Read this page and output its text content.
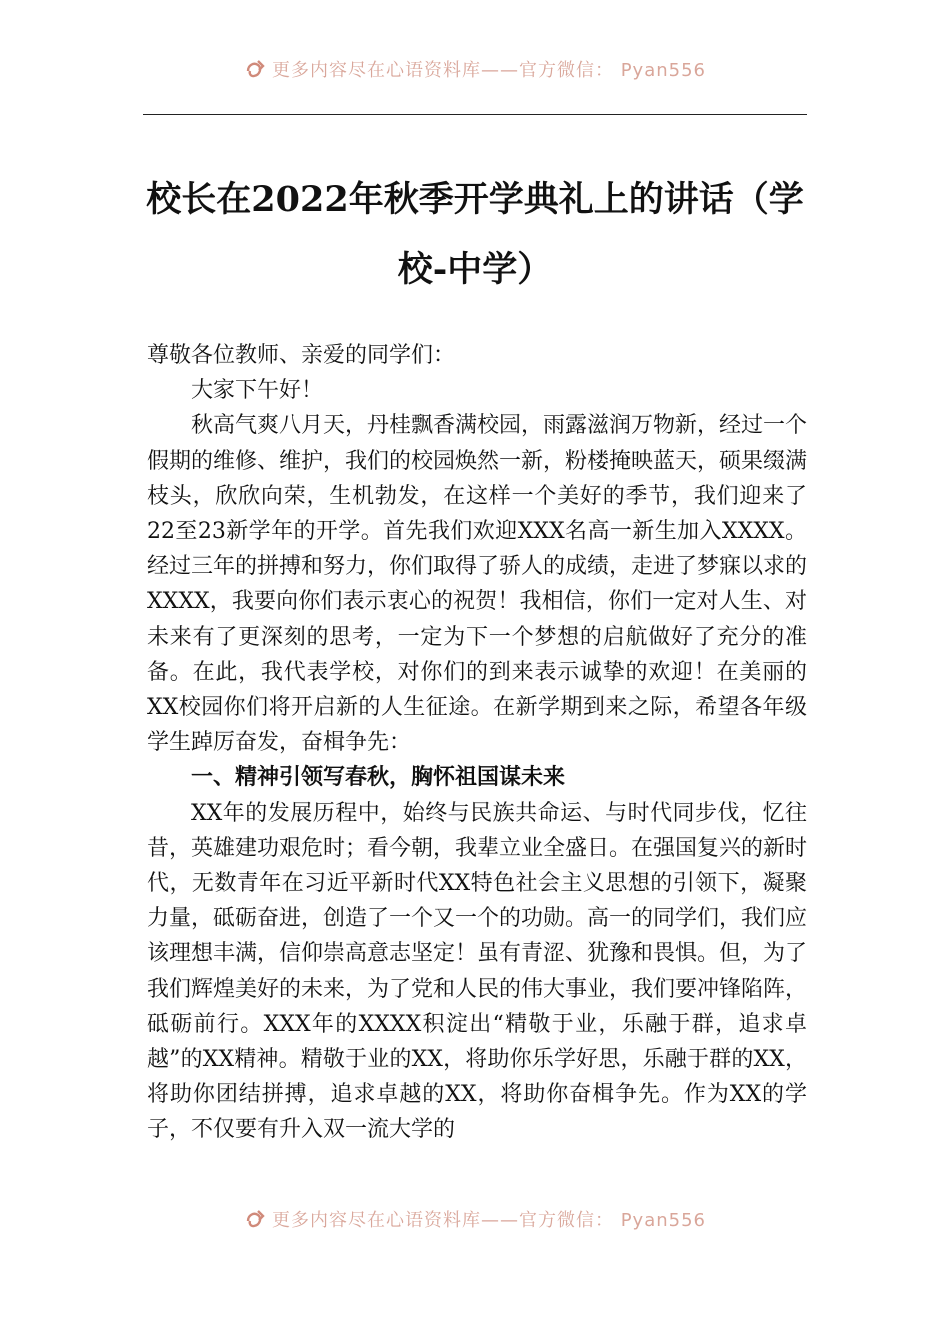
更多内容尽在心语资料库——官方微信： Pyan556
校长在2022年秋季开学典礼上的讲话（学校-中学）

尊敬各位教师、亲爱的同学们：

大家下午好！

秋高气爽八月天，丹桂飘香满校园，雨露滋润万物新，经过一个假期的维修、维护，我们的校园焕然一新，粉楼掩映蓝天，硕果缀满枝头，欣欣向荣，生机勃发，在这样一个美好的季节，我们迎来了22至23新学年的开学。首先我们欢迎XXX名高一新生加入XXXX。经过三年的拼搏和努力，你们取得了骄人的成绩，走进了梦寐以求的XXXX，我要向你们表示衷心的祝贺！我相信，你们一定对人生、对未来有了更深刻的思考，一定为下一个梦想的启航做好了充分的准备。在此，我代表学校，对你们的到来表示诚挚的欢迎！在美丽的XX校园你们将开启新的人生征途。在新学期到来之际，希望各年级学生踔厉奋发，奋楫争先：

一、精神引领写春秋，胸怀祖国谋未来

XX年的发展历程中，始终与民族共命运、与时代同步伐，忆往昔，英雄建功艰危时；看今朝，我辈立业全盛日。在强国复兴的新时代，无数青年在习近平新时代XX特色社会主义思想的引领下，凝聚力量，砥砺奋进，创造了一个又一个的功勋。高一的同学们，我们应该理想丰满，信仰崇高意志坚定！虽有青涩、犹豫和畏惧。但，为了我们辉煌美好的未来，为了党和人民的伟大事业，我们要冲锋陷阵，砥砺前行。XXX年的XXXX积淀出“精敬于业，乐融于群，追求卓越”的XX精神。精敬于业的XX，将助你乐学好思，乐融于群的XX，将助你团结拼搏，追求卓越的XX，将助你奋楫争先。作为XX的学子，不仅要有升入双一流大学的

更多内容尽在心语资料库——官方微信： Pyan556
